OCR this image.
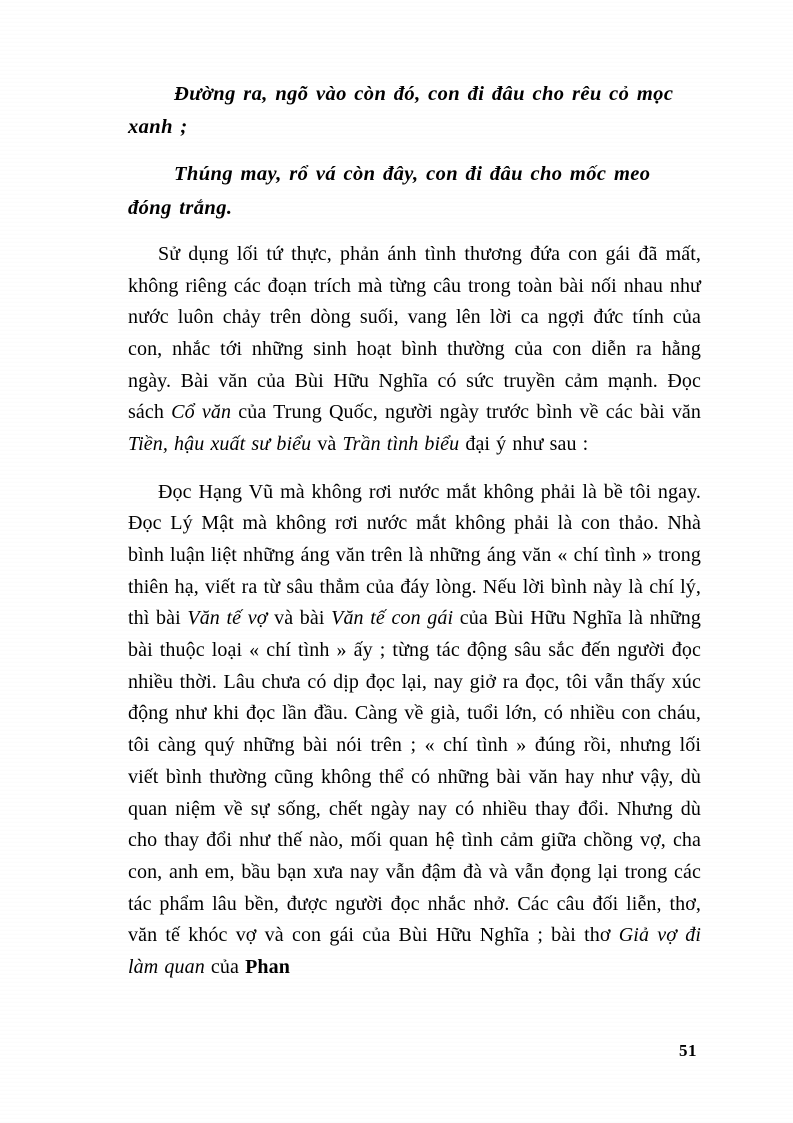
Đường ra, ngõ vào còn đó, con đi đâu cho rêu cỏ mọc xanh ;

Thúng may, rổ vá còn đây, con đi đâu cho mốc meo đóng trắng.

Sử dụng lối tứ thực, phản ánh tình thương đứa con gái đã mất, không riêng các đoạn trích mà từng câu trong toàn bài nối nhau như nước luôn chảy trên dòng suối, vang lên lời ca ngợi đức tính của con, nhắc tới những sinh hoạt bình thường của con diễn ra hằng ngày. Bài văn của Bùi Hữu Nghĩa có sức truyền cảm mạnh. Đọc sách Cổ văn của Trung Quốc, người ngày trước bình về các bài văn Tiền, hậu xuất sư biểu và Trần tình biểu đại ý như sau :

Đọc Hạng Vũ mà không rơi nước mắt không phải là bề tôi ngay. Đọc Lý Mật mà không rơi nước mắt không phải là con thảo. Nhà bình luận liệt những áng văn trên là những áng văn « chí tình » trong thiên hạ, viết ra từ sâu thẳm của đáy lòng. Nếu lời bình này là chí lý, thì bài Văn tế vợ và bài Văn tế con gái của Bùi Hữu Nghĩa là những bài thuộc loại « chí tình » ấy ; từng tác động sâu sắc đến người đọc nhiều thời. Lâu chưa có dịp đọc lại, nay giở ra đọc, tôi vẫn thấy xúc động như khi đọc lần đầu. Càng về già, tuổi lớn, có nhiều con cháu, tôi càng quý những bài nói trên ; « chí tình » đúng rồi, nhưng lối viết bình thường cũng không thể có những bài văn hay như vậy, dù quan niệm về sự sống, chết ngày nay có nhiều thay đổi. Nhưng dù cho thay đổi như thế nào, mối quan hệ tình cảm giữa chồng vợ, cha con, anh em, bầu bạn xưa nay vẫn đậm đà và vẫn đọng lại trong các tác phẩm lâu bền, được người đọc nhắc nhở. Các câu đối liễn, thơ, văn tế khóc vợ và con gái của Bùi Hữu Nghĩa ; bài thơ Giả vợ đi làm quan của Phan

51
